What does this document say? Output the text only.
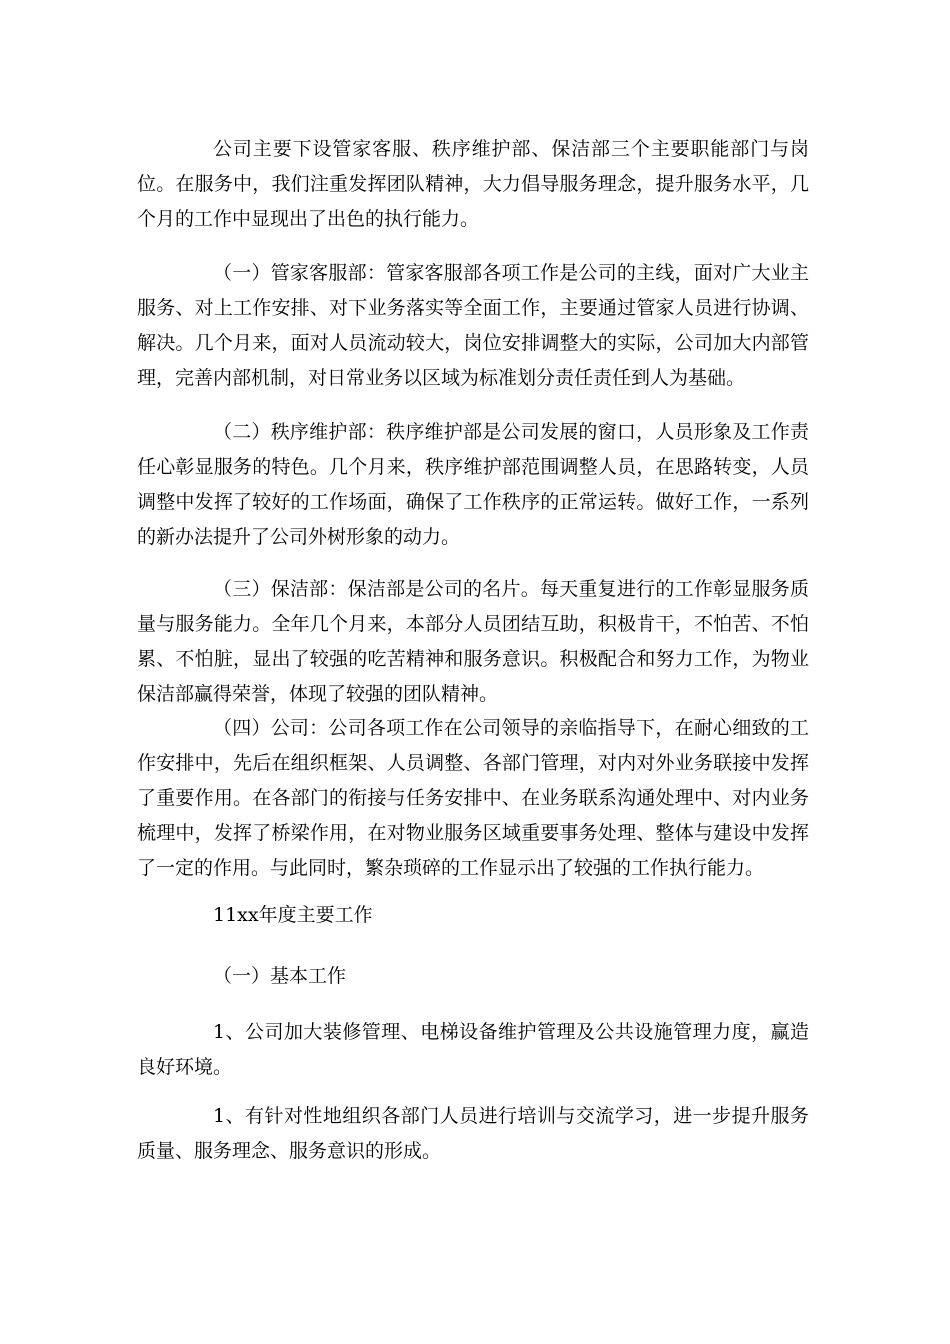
公司主要下设管家客服、秩序维护部、保洁部三个主要职能部门与岗位。在服务中，我们注重发挥团队精神，大力倡导服务理念，提升服务水平，几个月的工作中显现出了出色的执行能力。

（一）管家客服部：管家客服部各项工作是公司的主线，面对广大业主服务、对上工作安排、对下业务落实等全面工作，主要通过管家人员进行协调、解决。几个月来，面对人员流动较大，岗位安排调整大的实际，公司加大内部管理，完善内部机制，对日常业务以区域为标准划分责任责任到人为基础。

（二）秩序维护部：秩序维护部是公司发展的窗口，人员形象及工作责任心彰显服务的特色。几个月来，秩序维护部范围调整人员，在思路转变，人员调整中发挥了较好的工作场面，确保了工作秩序的正常运转。做好工作，一系列的新办法提升了公司外树形象的动力。

（三）保洁部：保洁部是公司的名片。每天重复进行的工作彰显服务质量与服务能力。全年几个月来，本部分人员团结互助，积极肯干，不怕苦、不怕累、不怕脏，显出了较强的吃苦精神和服务意识。积极配合和努力工作，为物业保洁部赢得荣誉，体现了较强的团队精神。

（四）公司：公司各项工作在公司领导的亲临指导下，在耐心细致的工作安排中，先后在组织框架、人员调整、各部门管理，对内对外业务联接中发挥了重要作用。在各部门的衔接与任务安排中、在业务联系沟通处理中、对内业务梳理中，发挥了桥梁作用，在对物业服务区域重要事务处理、整体与建设中发挥了一定的作用。与此同时，繁杂琐碎的工作显示出了较强的工作执行能力。

11xx年度主要工作

（一）基本工作

1、公司加大装修管理、电梯设备维护管理及公共设施管理力度，赢造良好环境。

1、有针对性地组织各部门人员进行培训与交流学习，进一步提升服务质量、服务理念、服务意识的形成。
